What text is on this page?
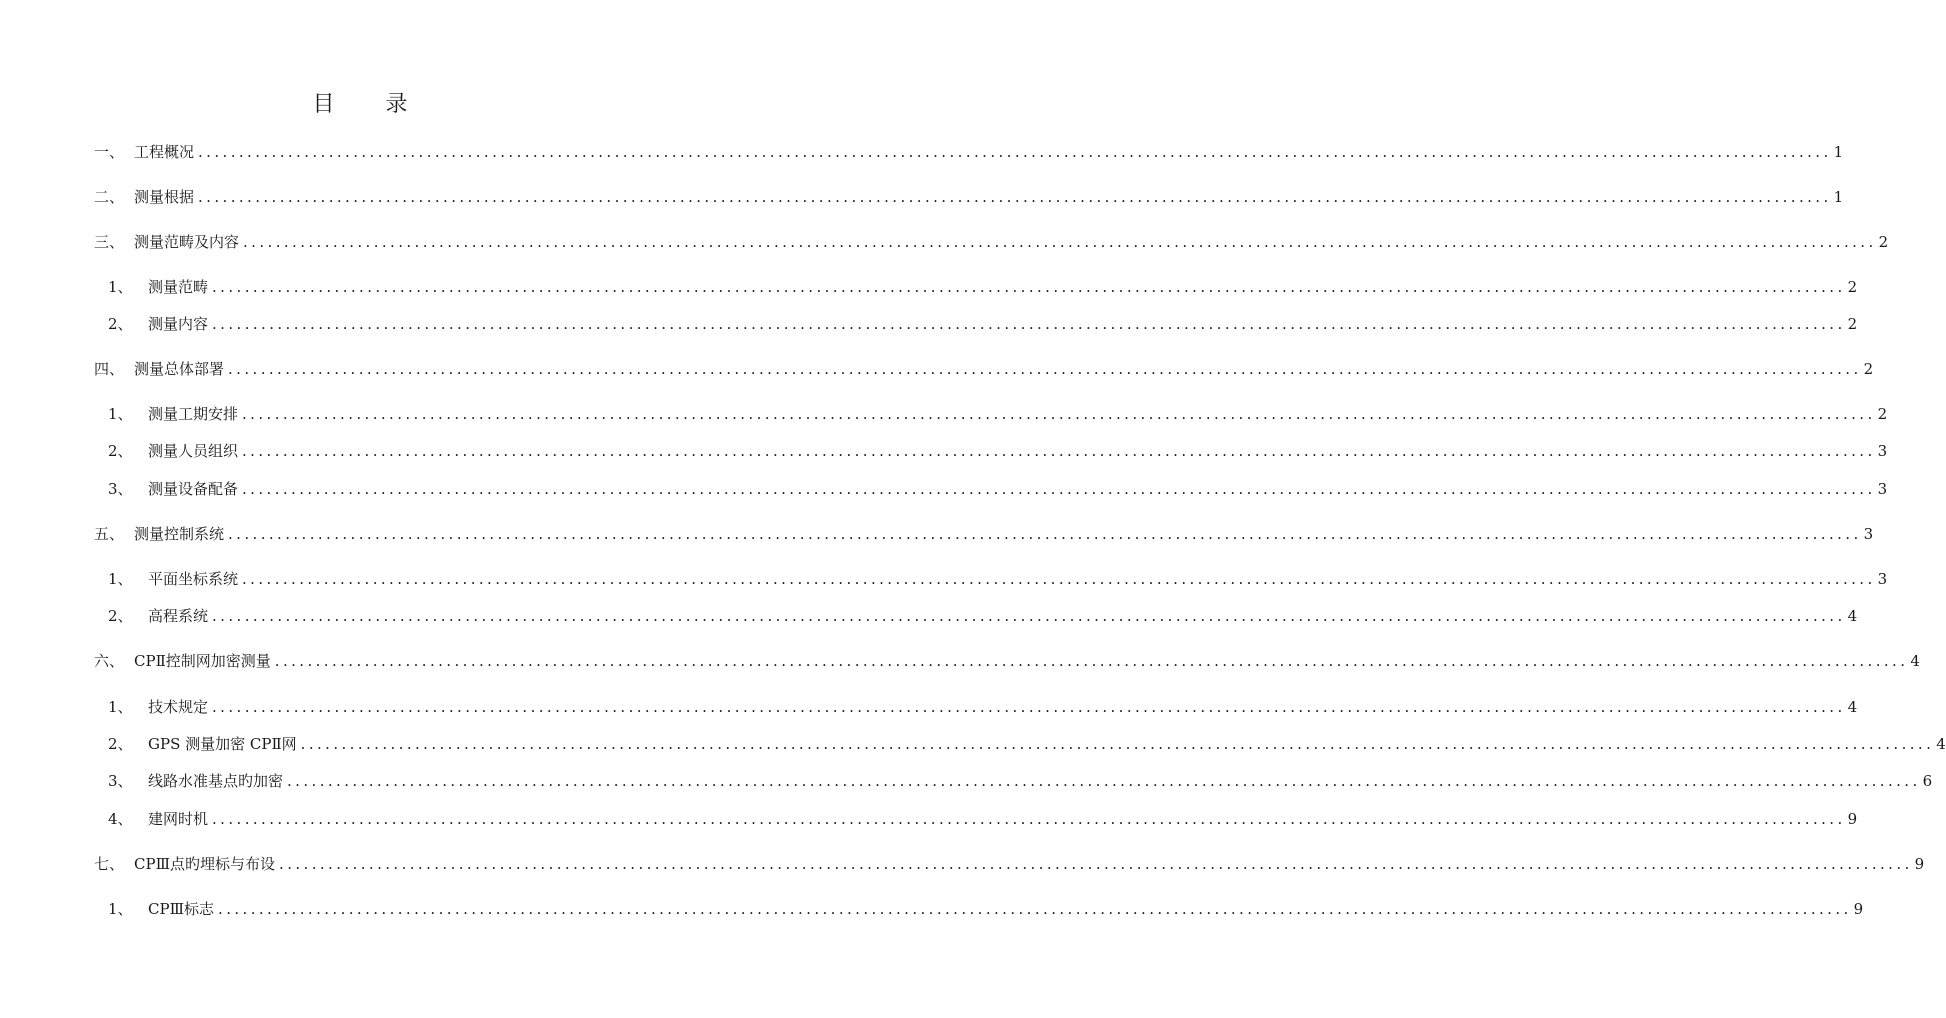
目 录
一、 工程概况 ........................................................................................................................................................................................................ 1
二、 测量根据 ........................................................................................................................................................................................................ 1
三、 测量范畴及内容 ........................................................................................................................................................................................................ 2
1、	测量范畴 ........................................................................................................................................................................................................ 2
2、	测量内容 ........................................................................................................................................................................................................ 2
四、 测量总体部署 ........................................................................................................................................................................................................ 2
1、	测量工期安排 ........................................................................................................................................................................................................ 2
2、	测量人员组织 ........................................................................................................................................................................................................ 3
3、	测量设备配备 ........................................................................................................................................................................................................ 3
五、 测量控制系统 ........................................................................................................................................................................................................ 3
1、	平面坐标系统 ........................................................................................................................................................................................................ 3
2、	高程系统 ........................................................................................................................................................................................................ 4
六、 CPⅡ控制网加密测量 ........................................................................................................................................................................................................ 4
1、	技术规定 ........................................................................................................................................................................................................ 4
2、	GPS 测量加密 CPⅡ网 ........................................................................................................................................................................................................ 4
3、	线路水准基点旳加密 ........................................................................................................................................................................................................ 6
4、	建网时机 ........................................................................................................................................................................................................ 9
七、 CPⅢ点旳埋标与布设 ........................................................................................................................................................................................................ 9
1、	CPⅢ标志 ........................................................................................................................................................................................................ 9
